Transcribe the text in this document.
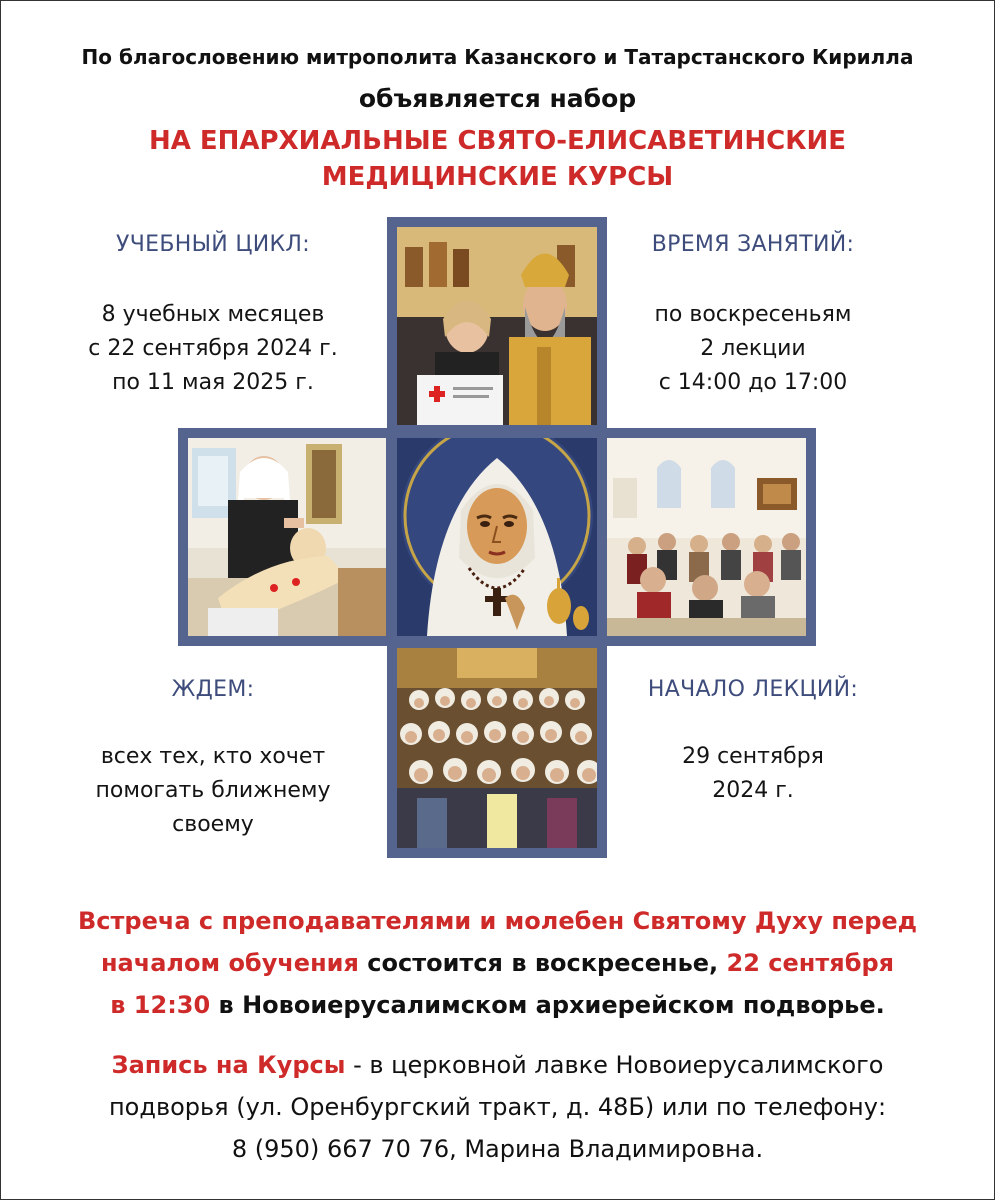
По благословению митрополита Казанского и Татарстанского Кирилла
объявляется набор
НА ЕПАРХИАЛЬНЫЕ СВЯТО-ЕЛИСАВЕТИНСКИЕ
МЕДИЦИНСКИЕ КУРСЫ
УЧЕБНЫЙ ЦИКЛ:
8 учебных месяцев
с 22 сентября 2024 г.
по 11 мая 2025 г.
ВРЕМЯ ЗАНЯТИЙ:
по воскресеньям
2 лекции
с 14:00 до 17:00
ЖДЕМ:
всех тех, кто хочет
помогать ближнему
своему
НАЧАЛО ЛЕКЦИЙ:
29 сентября
2024 г.
Встреча с преподавателями и молебен Святому Духу перед
началом обучения состоится в воскресенье, 22 сентября
в 12:30 в Новоиерусалимском архиерейском подворье.
Запись на Курсы - в церковной лавке Новоиерусалимского
подворья (ул. Оренбургский тракт, д. 48Б) или по телефону:
8 (950) 667 70 76, Марина Владимировна.
